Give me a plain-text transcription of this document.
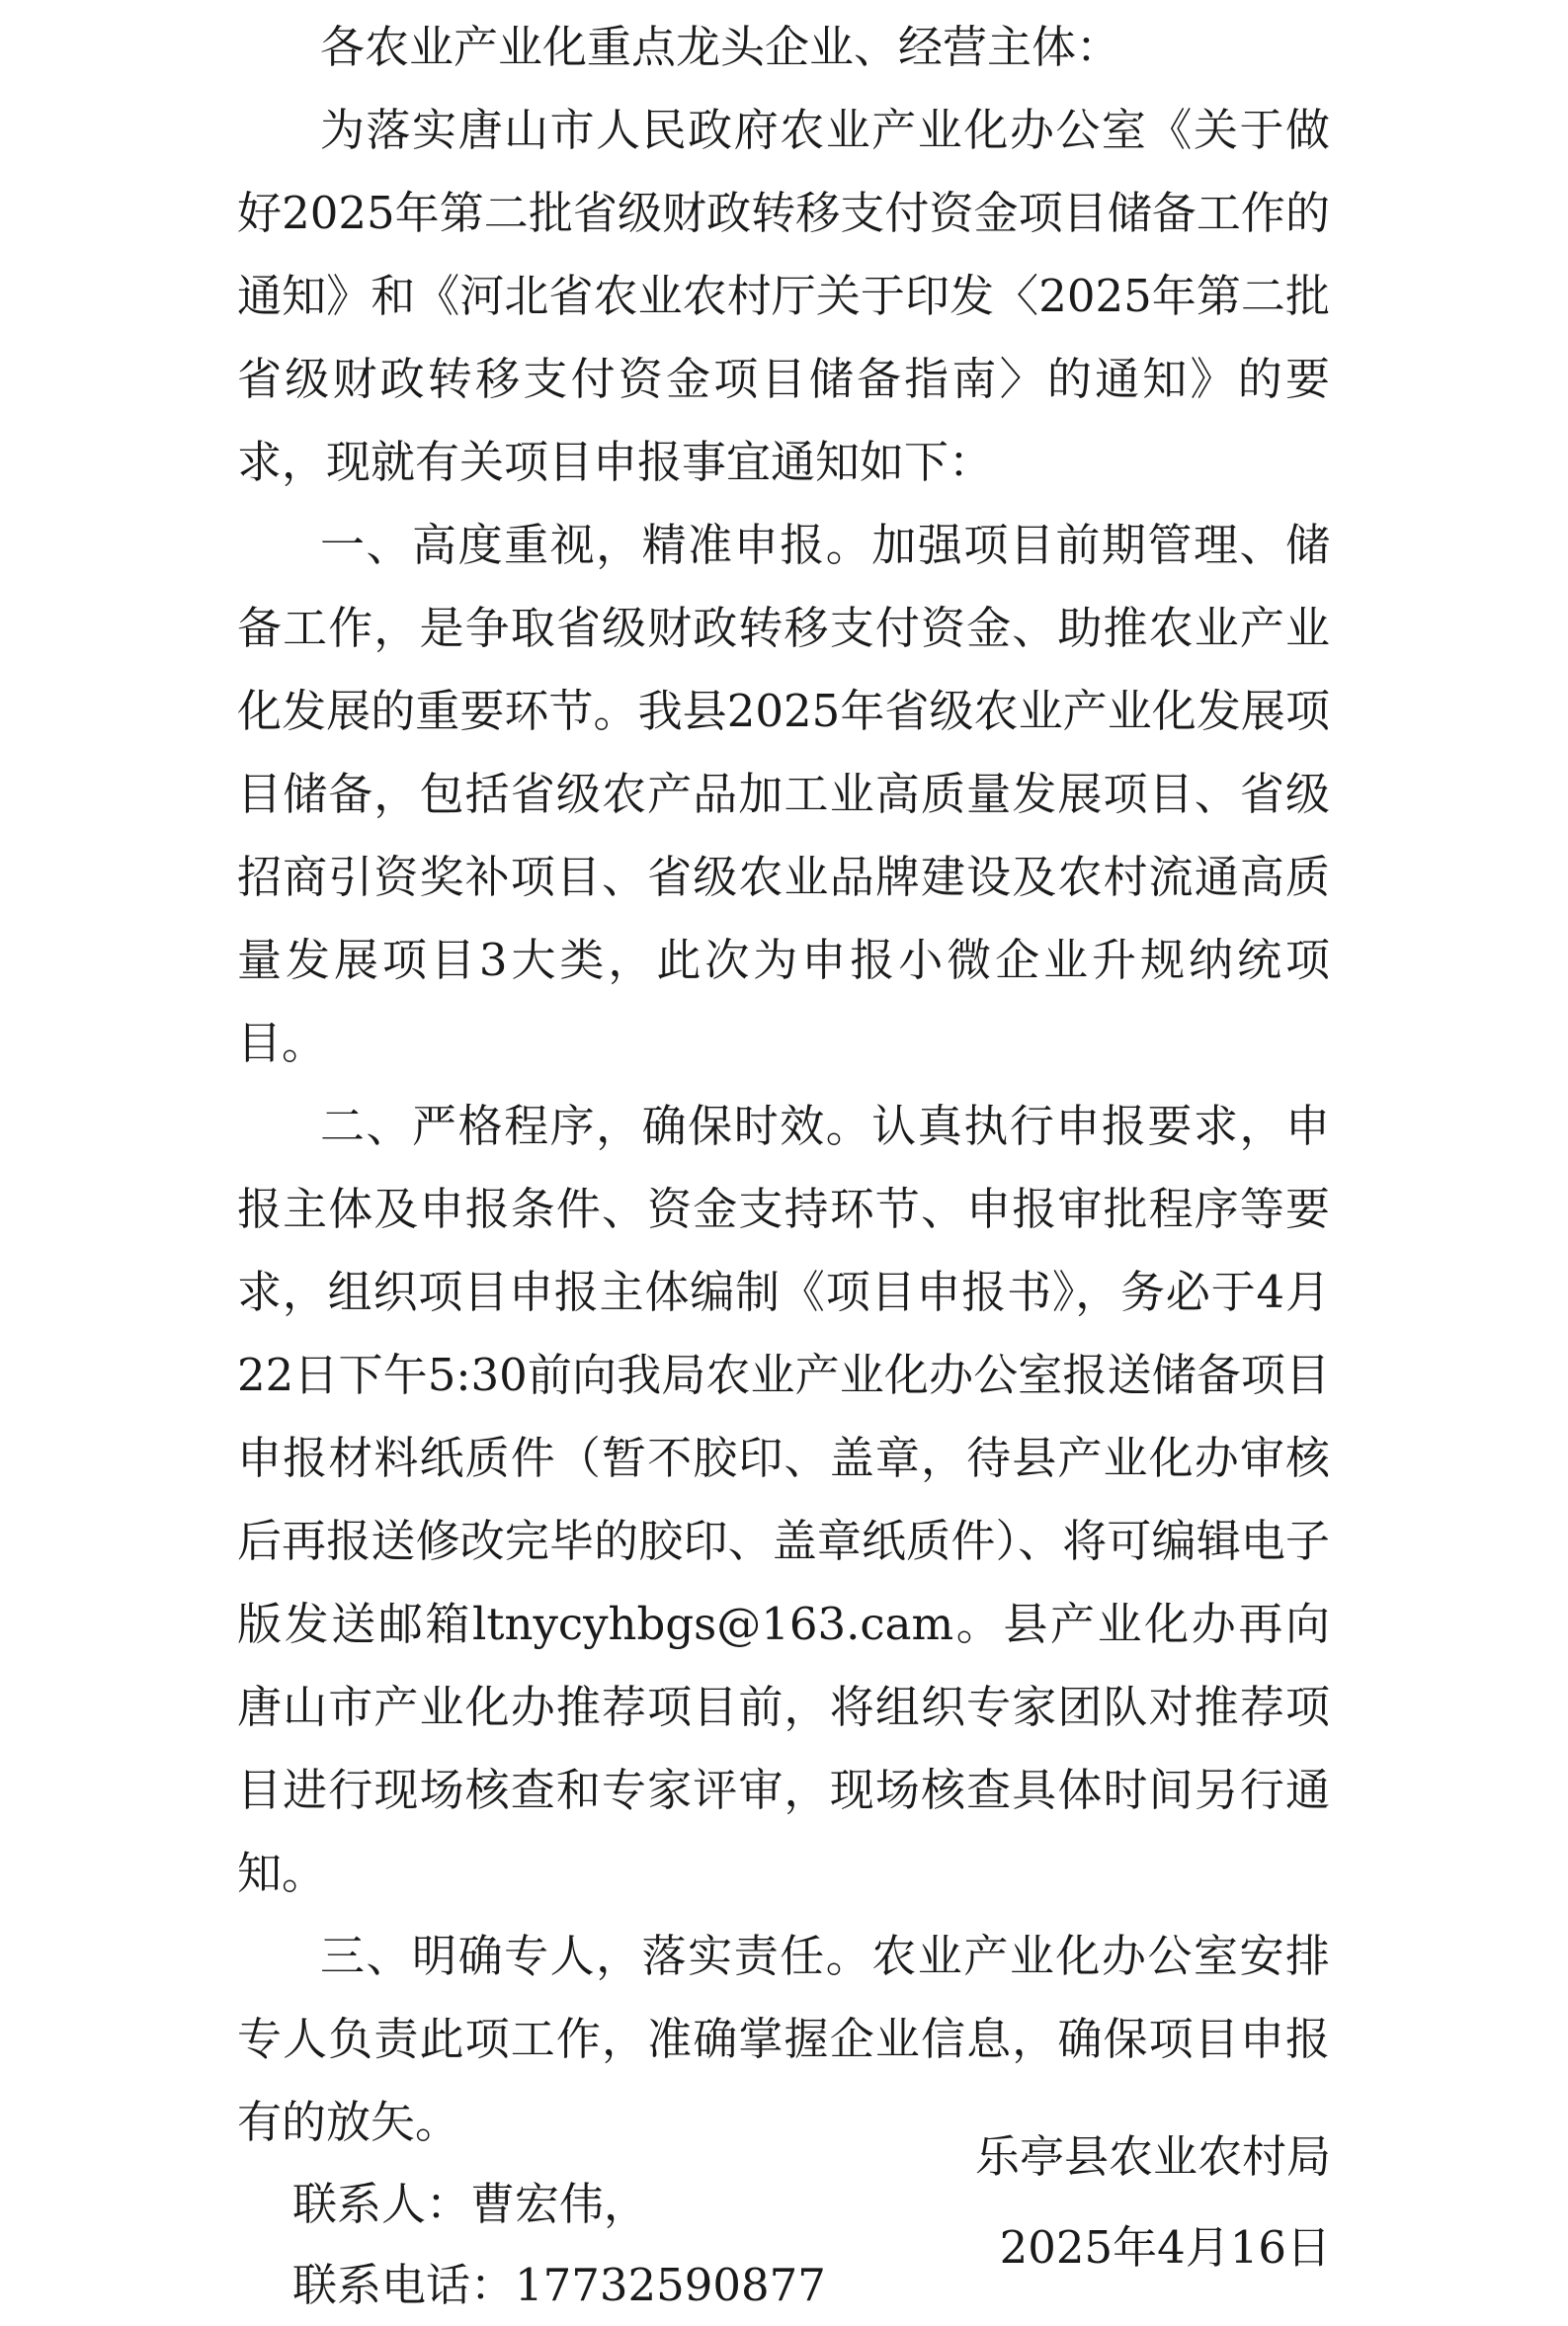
各农业产业化重点龙头企业、经营主体：

为落实唐山市人民政府农业产业化办公室《关于做好2025年第二批省级财政转移支付资金项目储备工作的通知》和《河北省农业农村厅关于印发〈2025年第二批省级财政转移支付资金项目储备指南〉的通知》的要求，现就有关项目申报事宜通知如下：

一、高度重视，精准申报。加强项目前期管理、储备工作，是争取省级财政转移支付资金、助推农业产业化发展的重要环节。我县2025年省级农业产业化发展项目储备，包括省级农产品加工业高质量发展项目、省级招商引资奖补项目、省级农业品牌建设及农村流通高质量发展项目3大类，此次为申报小微企业升规纳统项目。

二、严格程序，确保时效。认真执行申报要求，申报主体及申报条件、资金支持环节、申报审批程序等要求，组织项目申报主体编制《项目申报书》，务必于4月22日下午5:30前向我局农业产业化办公室报送储备项目申报材料纸质件（暂不胶印、盖章，待县产业化办审核后再报送修改完毕的胶印、盖章纸质件）、将可编辑电子版发送邮箱ltnycyhbgs@163.cam。县产业化办再向唐山市产业化办推荐项目前，将组织专家团队对推荐项目进行现场核查和专家评审，现场核查具体时间另行通知。

三、明确专人，落实责任。农业产业化办公室安排专人负责此项工作，准确掌握企业信息，确保项目申报有的放矢。

联系人：曹宏伟，

联系电话：17732590877

乐亭县农业农村局

2025年4月16日
